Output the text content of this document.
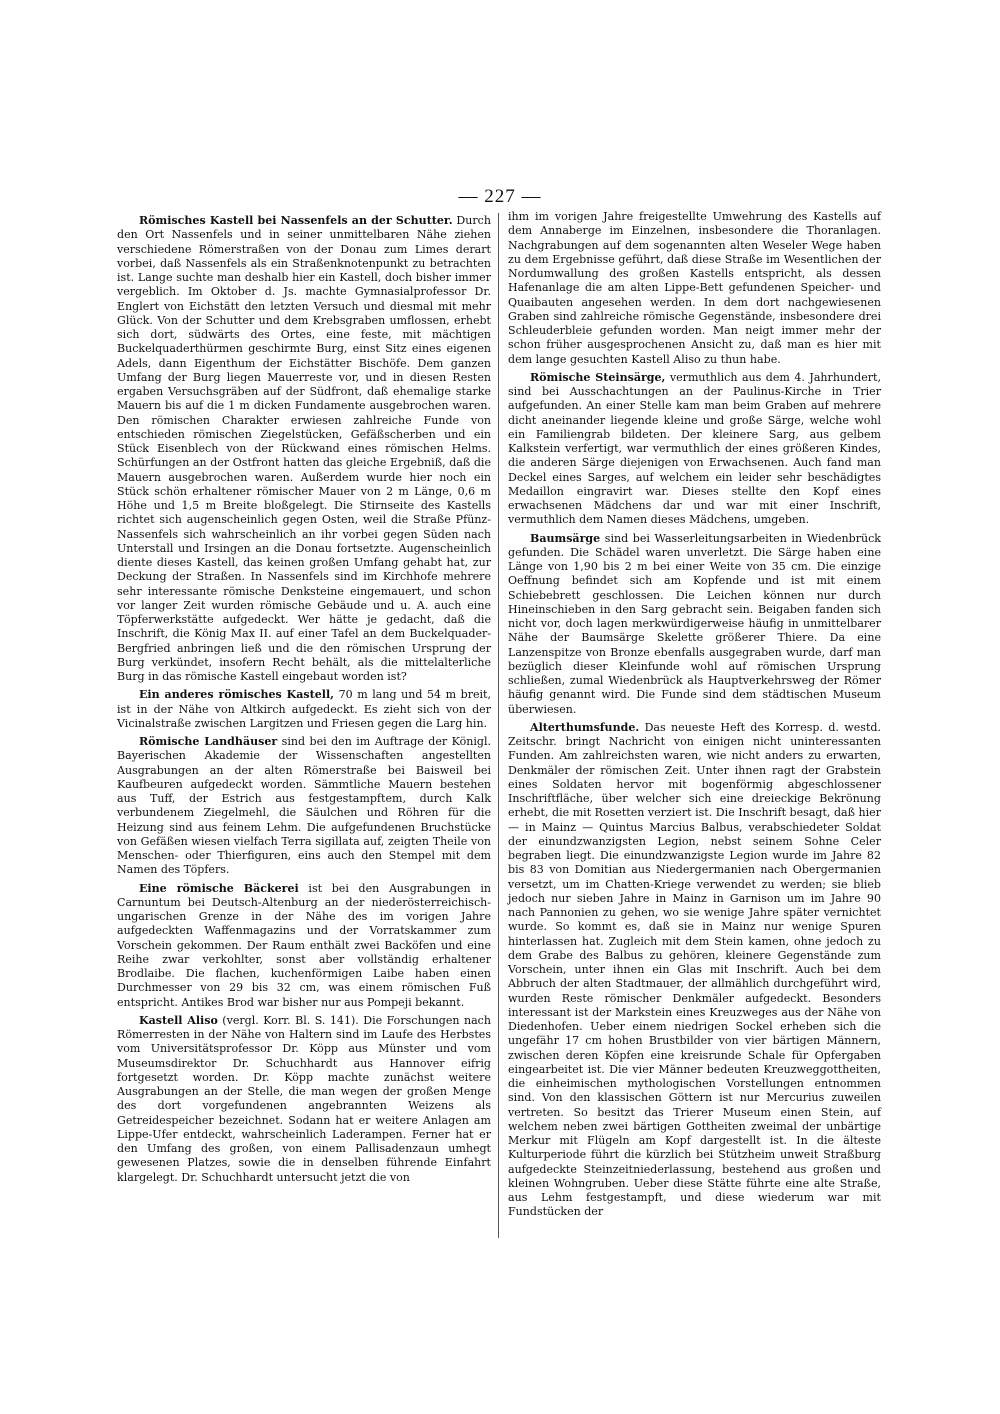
— 227 —

Römisches Kastell bei Nassenfels an der Schutter. Durch den Ort Nassenfels und in seiner unmittelbaren Nähe ziehen verschiedene Römerstraßen von der Donau zum Limes derart vorbei, daß Nassenfels als ein Straßenknotenpunkt zu betrachten ist. Lange suchte man deshalb hier ein Kastell, doch bisher immer vergeblich. Im Oktober d. Js. machte Gymnasialprofessor Dr. Englert von Eichstätt den letzten Versuch und diesmal mit mehr Glück. Von der Schutter und dem Krebsgraben umflossen, erhebt sich dort, südwärts des Ortes, eine feste, mit mächtigen Buckelquaderthürmen geschirmte Burg, einst Sitz eines eigenen Adels, dann Eigenthum der Eichstätter Bischöfe. Dem ganzen Umfang der Burg liegen Mauerreste vor, und in diesen Resten ergaben Versuchsgräben auf der Südfront, daß ehemalige starke Mauern bis auf die 1 m dicken Fundamente ausgebrochen waren. Den römischen Charakter erwiesen zahlreiche Funde von entschieden römischen Ziegelstücken, Gefäßscherben und ein Stück Eisenblech von der Rückwand eines römischen Helms. Schürfungen an der Ostfront hatten das gleiche Ergebniß, daß die Mauern ausgebrochen waren. Außerdem wurde hier noch ein Stück schön erhaltener römischer Mauer von 2 m Länge, 0,6 m Höhe und 1,5 m Breite bloßgelegt. Die Stirnseite des Kastells richtet sich augenscheinlich gegen Osten, weil die Straße Pfünz-Nassenfels sich wahrscheinlich an ihr vorbei gegen Süden nach Unterstall und Irsingen an die Donau fortsetzte. Augenscheinlich diente dieses Kastell, das keinen großen Umfang gehabt hat, zur Deckung der Straßen. In Nassenfels sind im Kirchhofe mehrere sehr interessante römische Denksteine eingemauert, und schon vor langer Zeit wurden römische Gebäude und u. A. auch eine Töpferwerkstätte aufgedeckt. Wer hätte je gedacht, daß die Inschrift, die König Max II. auf einer Tafel an dem Buckelquader-Bergfried anbringen ließ und die den römischen Ursprung der Burg verkündet, insofern Recht behält, als die mittelalterliche Burg in das römische Kastell eingebaut worden ist?

Ein anderes römisches Kastell, 70 m lang und 54 m breit, ist in der Nähe von Altkirch aufgedeckt. Es zieht sich von der Vicinalstraße zwischen Largitzen und Friesen gegen die Larg hin.

Römische Landhäuser sind bei den im Auftrage der Königl. Bayerischen Akademie der Wissenschaften angestellten Ausgrabungen an der alten Römerstraße bei Baisweil bei Kaufbeuren aufgedeckt worden. Sämmtliche Mauern bestehen aus Tuff, der Estrich aus festgestampftem, durch Kalk verbundenem Ziegelmehl, die Säulchen und Röhren für die Heizung sind aus feinem Lehm. Die aufgefundenen Bruchstücke von Gefäßen wiesen vielfach Terra sigillata auf, zeigten Theile von Menschen- oder Thierfiguren, eins auch den Stempel mit dem Namen des Töpfers.

Eine römische Bäckerei ist bei den Ausgrabungen in Carnuntum bei Deutsch-Altenburg an der niederösterreichisch-ungarischen Grenze in der Nähe des im vorigen Jahre aufgedeckten Waffenmagazins und der Vorratskammer zum Vorschein gekommen. Der Raum enthält zwei Backöfen und eine Reihe zwar verkohlter, sonst aber vollständig erhaltener Brodlaibe. Die flachen, kuchenförmigen Laibe haben einen Durchmesser von 29 bis 32 cm, was einem römischen Fuß entspricht. Antikes Brod war bisher nur aus Pompeji bekannt.

Kastell Aliso (vergl. Korr. Bl. S. 141). Die Forschungen nach Römerresten in der Nähe von Haltern sind im Laufe des Herbstes vom Universitätsprofessor Dr. Köpp aus Münster und vom Museumsdirektor Dr. Schuchhardt aus Hannover eifrig fortgesetzt worden. Dr. Köpp machte zunächst weitere Ausgrabungen an der Stelle, die man wegen der großen Menge des dort vorgefundenen angebrannten Weizens als Getreidespeicher bezeichnet. Sodann hat er weitere Anlagen am Lippe-Ufer entdeckt, wahrscheinlich Laderampen. Ferner hat er den Umfang des großen, von einem Pallisadenzaun umhegt gewesenen Platzes, sowie die in denselben führende Einfahrt klargelegt. Dr. Schuchhardt untersucht jetzt die von

ihm im vorigen Jahre freigestellte Umwehrung des Kastells auf dem Annaberge im Einzelnen, insbesondere die Thoranlagen. Nachgrabungen auf dem sogenannten alten Weseler Wege haben zu dem Ergebnisse geführt, daß diese Straße im Wesentlichen der Nordumwallung des großen Kastells entspricht, als dessen Hafenanlage die am alten Lippe-Bett gefundenen Speicher- und Quaibauten angesehen werden. In dem dort nachgewiesenen Graben sind zahlreiche römische Gegenstände, insbesondere drei Schleuderbleie gefunden worden. Man neigt immer mehr der schon früher ausgesprochenen Ansicht zu, daß man es hier mit dem lange gesuchten Kastell Aliso zu thun habe.

Römische Steinsärge, vermuthlich aus dem 4. Jahrhundert, sind bei Ausschachtungen an der Paulinus-Kirche in Trier aufgefunden. An einer Stelle kam man beim Graben auf mehrere dicht aneinander liegende kleine und große Särge, welche wohl ein Familiengrab bildeten. Der kleinere Sarg, aus gelbem Kalkstein verfertigt, war vermuthlich der eines größeren Kindes, die anderen Särge diejenigen von Erwachsenen. Auch fand man Deckel eines Sarges, auf welchem ein leider sehr beschädigtes Medaillon eingravirt war. Dieses stellte den Kopf eines erwachsenen Mädchens dar und war mit einer Inschrift, vermuthlich dem Namen dieses Mädchens, umgeben.

Baumsärge sind bei Wasserleitungsarbeiten in Wiedenbrück gefunden. Die Schädel waren unverletzt. Die Särge haben eine Länge von 1,90 bis 2 m bei einer Weite von 35 cm. Die einzige Oeffnung befindet sich am Kopfende und ist mit einem Schiebebrett geschlossen. Die Leichen können nur durch Hineinschieben in den Sarg gebracht sein. Beigaben fanden sich nicht vor, doch lagen merkwürdigerweise häufig in unmittelbarer Nähe der Baumsärge Skelette größerer Thiere. Da eine Lanzenspitze von Bronze ebenfalls ausgegraben wurde, darf man bezüglich dieser Kleinfunde wohl auf römischen Ursprung schließen, zumal Wiedenbrück als Hauptverkehrsweg der Römer häufig genannt wird. Die Funde sind dem städtischen Museum überwiesen.

Alterthumsfunde. Das neueste Heft des Korresp. d. westd. Zeitschr. bringt Nachricht von einigen nicht uninteressanten Funden. Am zahlreichsten waren, wie nicht anders zu erwarten, Denkmäler der römischen Zeit. Unter ihnen ragt der Grabstein eines Soldaten hervor mit bogenförmig abgeschlossener Inschriftfläche, über welcher sich eine dreieckige Bekrönung erhebt, die mit Rosetten verziert ist. Die Inschrift besagt, daß hier — in Mainz — Quintus Marcius Balbus, verabschiedeter Soldat der einundzwanzigsten Legion, nebst seinem Sohne Celer begraben liegt. Die einundzwanzigste Legion wurde im Jahre 82 bis 83 von Domitian aus Niedergermanien nach Obergermanien versetzt, um im Chatten-Kriege verwendet zu werden; sie blieb jedoch nur sieben Jahre in Mainz in Garnison um im Jahre 90 nach Pannonien zu gehen, wo sie wenige Jahre später vernichtet wurde. So kommt es, daß sie in Mainz nur wenige Spuren hinterlassen hat. Zugleich mit dem Stein kamen, ohne jedoch zu dem Grabe des Balbus zu gehören, kleinere Gegenstände zum Vorschein, unter ihnen ein Glas mit Inschrift. Auch bei dem Abbruch der alten Stadtmauer, der allmählich durchgeführt wird, wurden Reste römischer Denkmäler aufgedeckt. Besonders interessant ist der Markstein eines Kreuzweges aus der Nähe von Diedenhofen. Ueber einem niedrigen Sockel erheben sich die ungefähr 17 cm hohen Brustbilder von vier bärtigen Männern, zwischen deren Köpfen eine kreisrunde Schale für Opfergaben eingearbeitet ist. Die vier Männer bedeuten Kreuzweggottheiten, die einheimischen mythologischen Vorstellungen entnommen sind. Von den klassischen Göttern ist nur Mercurius zuweilen vertreten. So besitzt das Trierer Museum einen Stein, auf welchem neben zwei bärtigen Gottheiten zweimal der unbärtige Merkur mit Flügeln am Kopf dargestellt ist. In die älteste Kulturperiode führt die kürzlich bei Stützheim unweit Straßburg aufgedeckte Steinzeitniederlassung, bestehend aus großen und kleinen Wohngruben. Ueber diese Stätte führte eine alte Straße, aus Lehm festgestampft, und diese wiederum war mit Fundstücken der
